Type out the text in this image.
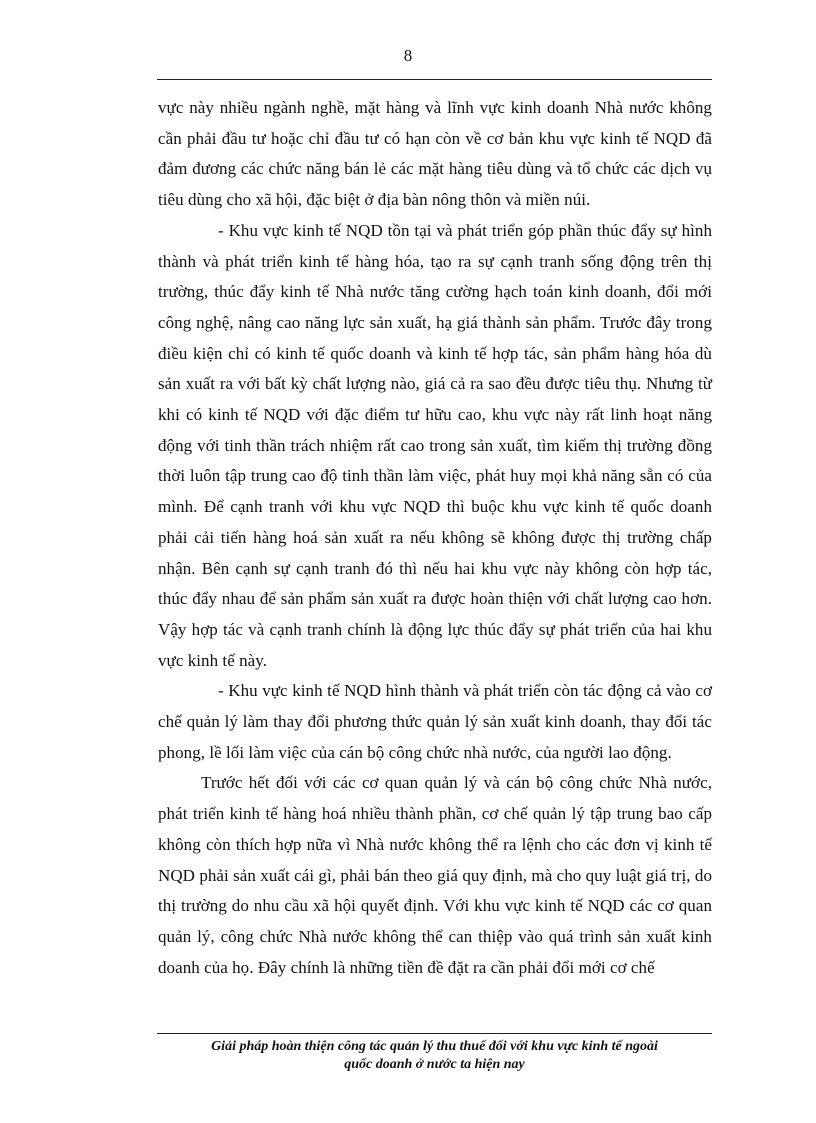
8

vực này nhiều ngành nghề, mặt hàng và lĩnh vực kinh doanh Nhà nước không cần phải đầu tư hoặc chỉ đầu tư có hạn còn về cơ bản khu vực kinh tế NQD đã đảm đương các chức năng bán lẻ các mặt hàng tiêu dùng và tổ chức các dịch vụ tiêu dùng cho xã hội, đặc biệt ở địa bàn nông thôn và miền núi.

- Khu vực kinh tế NQD tồn tại và phát triển góp phần thúc đẩy sự hình thành và phát triển kinh tế hàng hóa, tạo ra sự cạnh tranh sống động trên thị trường, thúc đẩy kinh tế Nhà nước tăng cường hạch toán kinh doanh, đổi mới công nghệ, nâng cao năng lực sản xuất, hạ giá thành sản phẩm. Trước đây trong điều kiện chỉ có kinh tế quốc doanh và kinh tế hợp tác, sản phẩm hàng hóa dù sản xuất ra với bất kỳ chất lượng nào, giá cả ra sao đều được tiêu thụ. Nhưng từ khi có kinh tế NQD với đặc điểm tư hữu cao, khu vực này rất linh hoạt năng động với tinh thần trách nhiệm rất cao trong sản xuất, tìm kiếm thị trường đồng thời luôn tập trung cao độ tinh thần làm việc, phát huy mọi khả năng sẵn có của mình. Để cạnh tranh với khu vực NQD thì buộc khu vực kinh tế quốc doanh phải cải tiến hàng hoá sản xuất ra nếu không sẽ không được thị trường chấp nhận. Bên cạnh sự cạnh tranh đó thì nếu hai khu vực này không còn hợp tác, thúc đẩy nhau để sản phẩm sản xuất ra được hoàn thiện với chất lượng cao hơn. Vậy hợp tác và cạnh tranh chính là động lực thúc đẩy sự phát triển của hai khu vực kinh tế này.

- Khu vực kinh tế NQD hình thành và phát triển còn tác động cả vào cơ chế quản lý làm thay đổi phương thức quản lý sản xuất kinh doanh, thay đổi tác phong, lề lối làm việc của cán bộ công chức nhà nước, của người lao động.

Trước hết đối với các cơ quan quản lý và cán bộ công chức Nhà nước, phát triển kinh tế hàng hoá nhiều thành phần, cơ chế quản lý tập trung bao cấp không còn thích hợp nữa vì Nhà nước không thể ra lệnh cho các đơn vị kinh tế NQD phải sản xuất cái gì, phải bán theo giá quy định, mà cho quy luật giá trị, do thị trường do nhu cầu xã hội quyết định. Với khu vực kinh tế NQD các cơ quan quản lý, công chức Nhà nước không thể can thiệp vào quá trình sản xuất kinh doanh của họ. Đây chính là những tiền đề đặt ra cần phải đổi mới cơ chế

Giải pháp hoàn thiện công tác quản lý thu thuế đối với khu vực kinh tế ngoài
quốc doanh ở nước ta hiện nay
